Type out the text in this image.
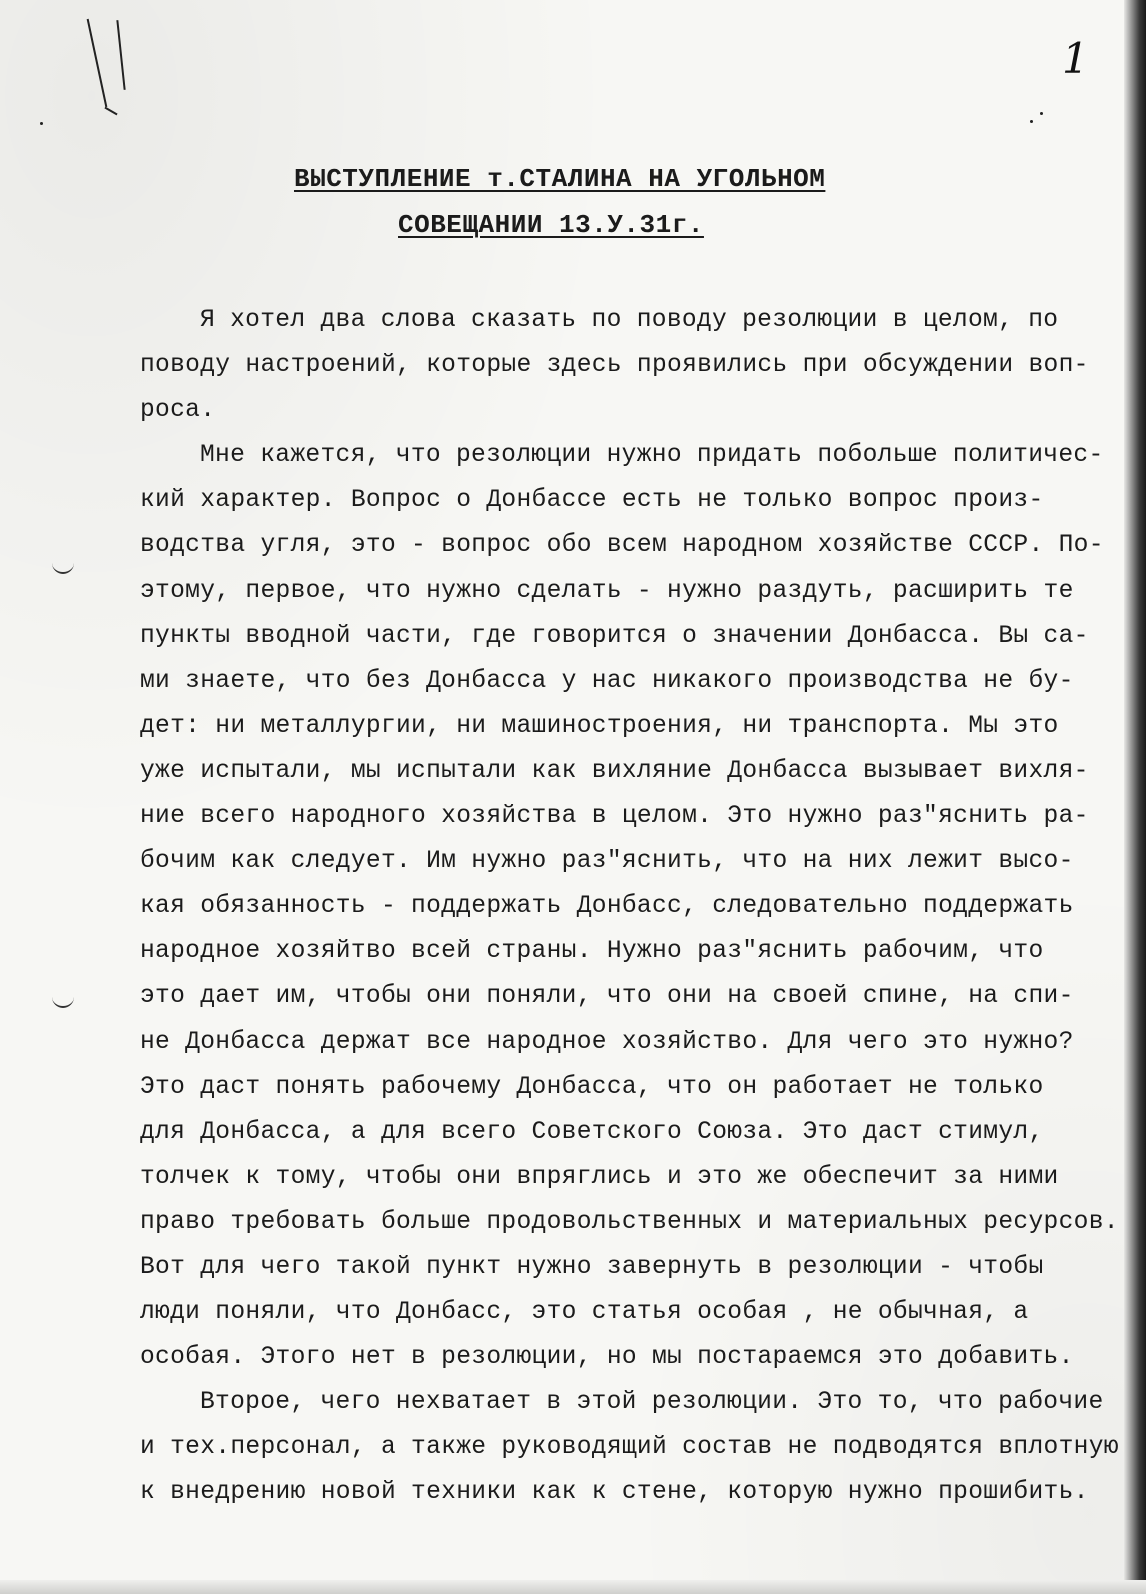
1
ВЫСТУПЛЕНИЕ т.СТАЛИНА НА УГОЛЬНОМ
СОВЕЩАНИИ 13.У.31г.
Я хотел два слова сказать по поводу резолюции в целом, по
поводу настроений, которые здесь проявились при обсуждении воп-
роса.
Мне кажется, что резолюции нужно придать побольше политичес-
кий характер. Вопрос о Донбассе есть не только вопрос произ-
водства угля, это - вопрос обо всем народном хозяйстве СССР. По-
этому, первое, что нужно сделать - нужно раздуть, расширить те
пункты вводной части, где говорится о значении Донбасса. Вы са-
ми знаете, что без Донбасса у нас никакого производства не бу-
дет: ни металлургии, ни машиностроения, ни транспорта. Мы это
уже испытали, мы испытали как вихляние Донбасса вызывает вихля-
ние всего народного хозяйства в целом. Это нужно раз"яснить ра-
бочим как следует. Им нужно раз"яснить, что на них лежит высо-
кая обязанность - поддержать Донбасс, следовательно поддержать
народное хозяйтво всей страны. Нужно раз"яснить рабочим, что
это дает им, чтобы они поняли, что они на своей спине, на спи-
не Донбасса держат все народное хозяйство. Для чего это нужно?
Это даст понять рабочему Донбасса, что он работает не только
для Донбасса, а для всего Советского Союза. Это даст стимул,
толчек к тому, чтобы они впряглись и это же обеспечит за ними
право требовать больше продовольственных и материальных ресурсов.
Вот для чего такой пункт нужно завернуть в резолюции - чтобы
люди поняли, что Донбасс, это статья особая , не обычная, а
особая. Этого нет в резолюции, но мы постараемся это добавить.
Второе, чего нехватает в этой резолюции. Это то, что рабочие
и тех.персонал, а также руководящий состав не подводятся вплотную
к внедрению новой техники как к стене, которую нужно прошибить.
